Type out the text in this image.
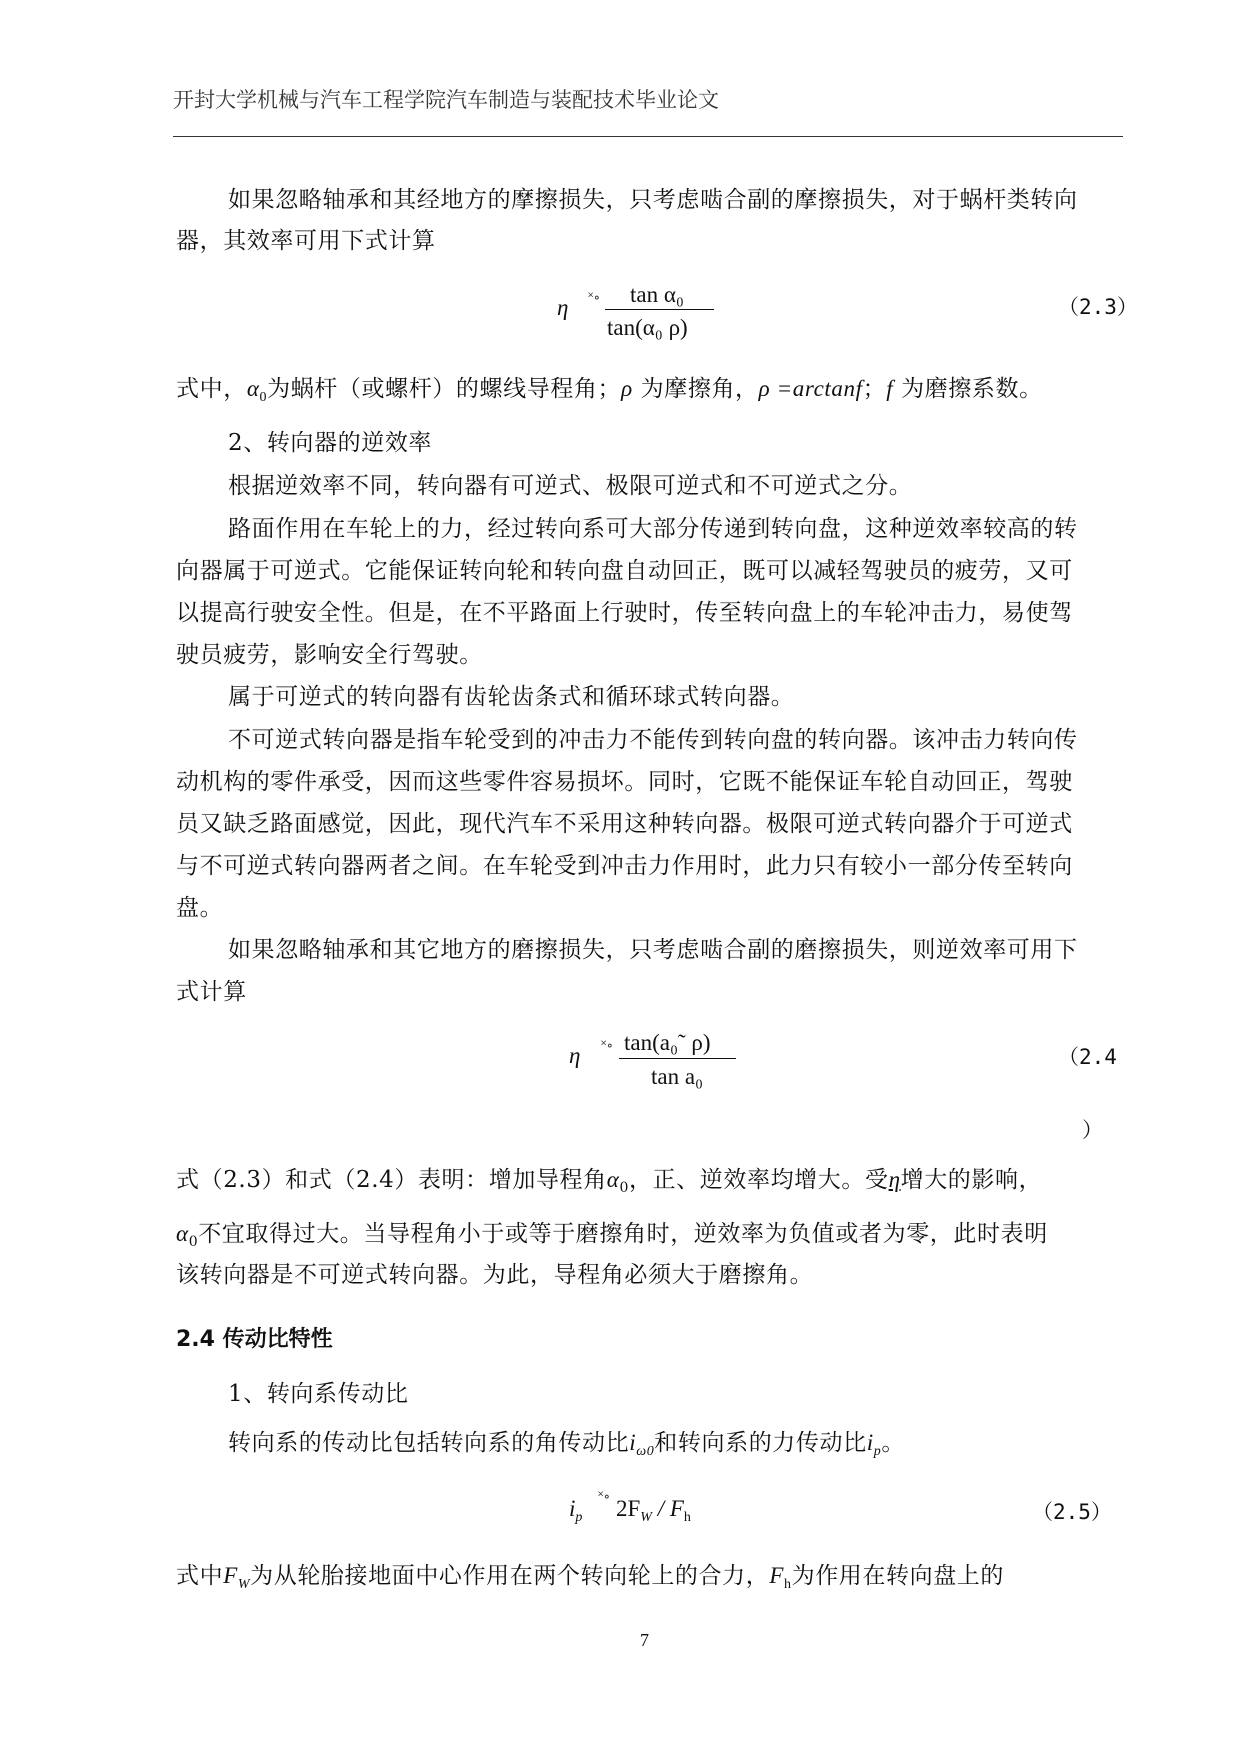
开封大学机械与汽车工程学院汽车制造与装配技术毕业论文
如果忽略轴承和其经地方的摩擦损失，只考虑啮合副的摩擦损失，对于蜗杆类转向
器，其效率可用下式计算
η ˟∘ tan α₀
tan(α₀ ρ)
（2.3）
式中，$\alpha_0$为蜗杆（或螺杆）的螺线导程角；ρ 为摩擦角，ρ =arctanf；f 为磨擦系数。
2、转向器的逆效率
根据逆效率不同，转向器有可逆式、极限可逆式和不可逆式之分。
路面作用在车轮上的力，经过转向系可大部分传递到转向盘，这种逆效率较高的转
向器属于可逆式。它能保证转向轮和转向盘自动回正，既可以减轻驾驶员的疲劳，又可
以提高行驶安全性。但是，在不平路面上行驶时，传至转向盘上的车轮冲击力，易使驾
驶员疲劳，影响安全行驾驶。
属于可逆式的转向器有齿轮齿条式和循环球式转向器。
不可逆式转向器是指车轮受到的冲击力不能传到转向盘的转向器。该冲击力转向传
动机构的零件承受，因而这些零件容易损坏。同时，它既不能保证车轮自动回正，驾驶
员又缺乏路面感觉，因此，现代汽车不采用这种转向器。极限可逆式转向器介于可逆式
与不可逆式转向器两者之间。在车轮受到冲击力作用时，此力只有较小一部分传至转向
盘。
如果忽略轴承和其它地方的磨擦损失，只考虑啮合副的磨擦损失，则逆效率可用下
式计算
η ˟∘ tan(a₀˜ ρ)
tan a₀
（2.4
）
式（2.3）和式（2.4）表明：增加导程角$\alpha_0$，正、逆效率均增大。受η增大的影响，
$\alpha_0$不宜取得过大。当导程角小于或等于磨擦角时，逆效率为负值或者为零，此时表明
该转向器是不可逆式转向器。为此，导程角必须大于磨擦角。
2.4 传动比特性
1、转向系传动比
转向系的传动比包括转向系的角传动比$i_{\omega 0}$和转向系的力传动比$i_p$。
$i_p$
˟∘ $2F_W / F_h$	（2.5）
式中$F_W$为从轮胎接地面中心作用在两个转向轮上的合力，$F_h$为作用在转向盘上的
7
